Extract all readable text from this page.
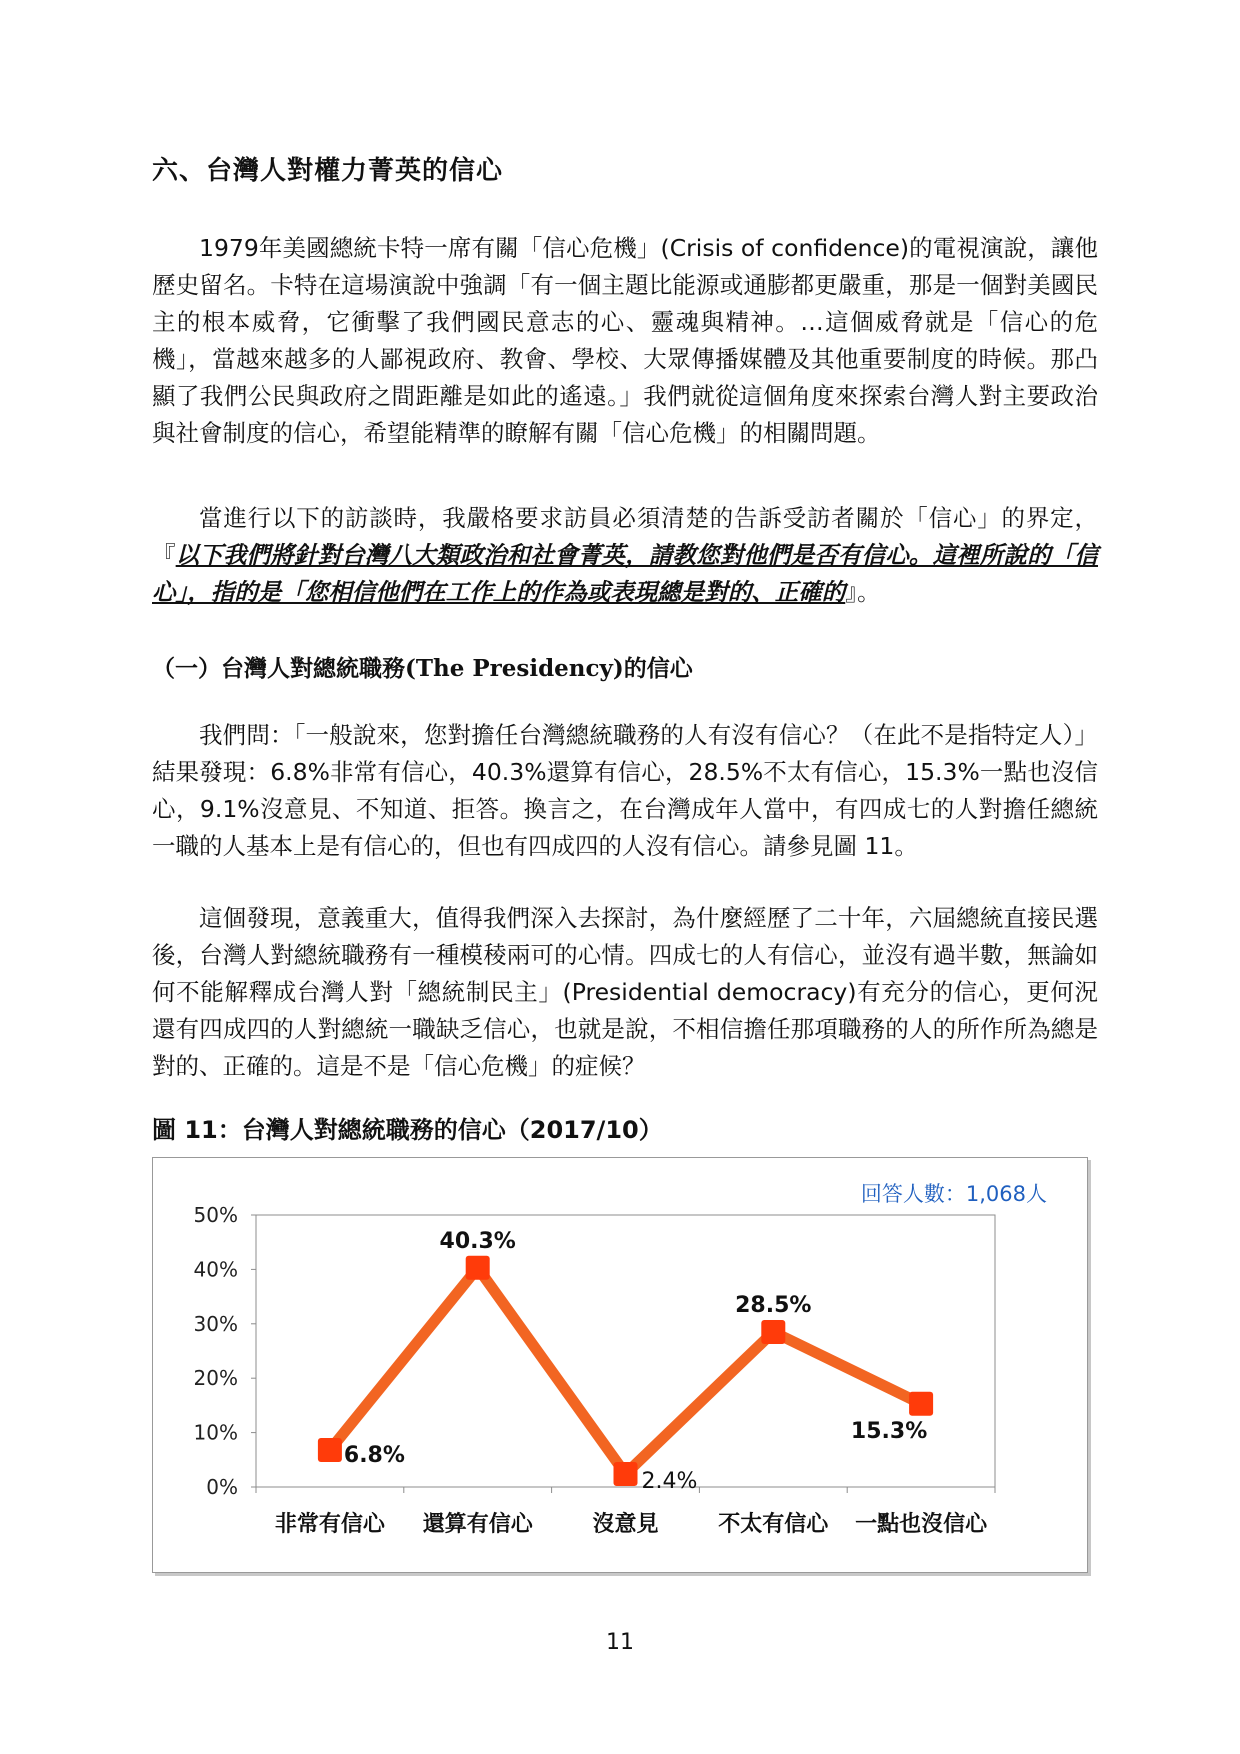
六、台灣人對權力菁英的信心

1979年美國總統卡特一席有關「信心危機」(Crisis of confidence)的電視演說，讓他歷史留名。卡特在這場演說中強調「有一個主題比能源或通膨都更嚴重，那是一個對美國民主的根本威脅，它衝擊了我們國民意志的心、靈魂與精神。…這個威脅就是「信心的危機」，當越來越多的人鄙視政府、教會、學校、大眾傳播媒體及其他重要制度的時候。那凸顯了我們公民與政府之間距離是如此的遙遠。」我們就從這個角度來探索台灣人對主要政治與社會制度的信心，希望能精準的瞭解有關「信心危機」的相關問題。

當進行以下的訪談時，我嚴格要求訪員必須清楚的告訴受訪者關於「信心」的界定，『以下我們將針對台灣八大類政治和社會菁英，請教您對他們是否有信心。這裡所說的「信心」，指的是「您相信他們在工作上的作為或表現總是對的、正確的』。

（一）台灣人對總統職務(The Presidency)的信心

我們問：「一般說來，您對擔任台灣總統職務的人有沒有信心？（在此不是指特定人）」結果發現：6.8%非常有信心，40.3%還算有信心，28.5%不太有信心，15.3%一點也沒信心，9.1%沒意見、不知道、拒答。換言之，在台灣成年人當中，有四成七的人對擔任總統一職的人基本上是有信心的，但也有四成四的人沒有信心。請參見圖 11。

這個發現，意義重大，值得我們深入去探討，為什麼經歷了二十年，六屆總統直接民選後，台灣人對總統職務有一種模稜兩可的心情。四成七的人有信心，並沒有過半數，無論如何不能解釋成台灣人對「總統制民主」(Presidential democracy)有充分的信心，更何況還有四成四的人對總統一職缺乏信心，也就是說，不相信擔任那項職務的人的所作所為總是對的、正確的。這是不是「信心危機」的症候？

圖 11：台灣人對總統職務的信心（2017/10）
0%
10%
20%
30%
40%
50%
非常有信心 還算有信心	沒意見	不太有信心 一點也沒信心
6.8%
40.3%
2.4%
28.5%
15.3%
回答人數：1,068人
11
